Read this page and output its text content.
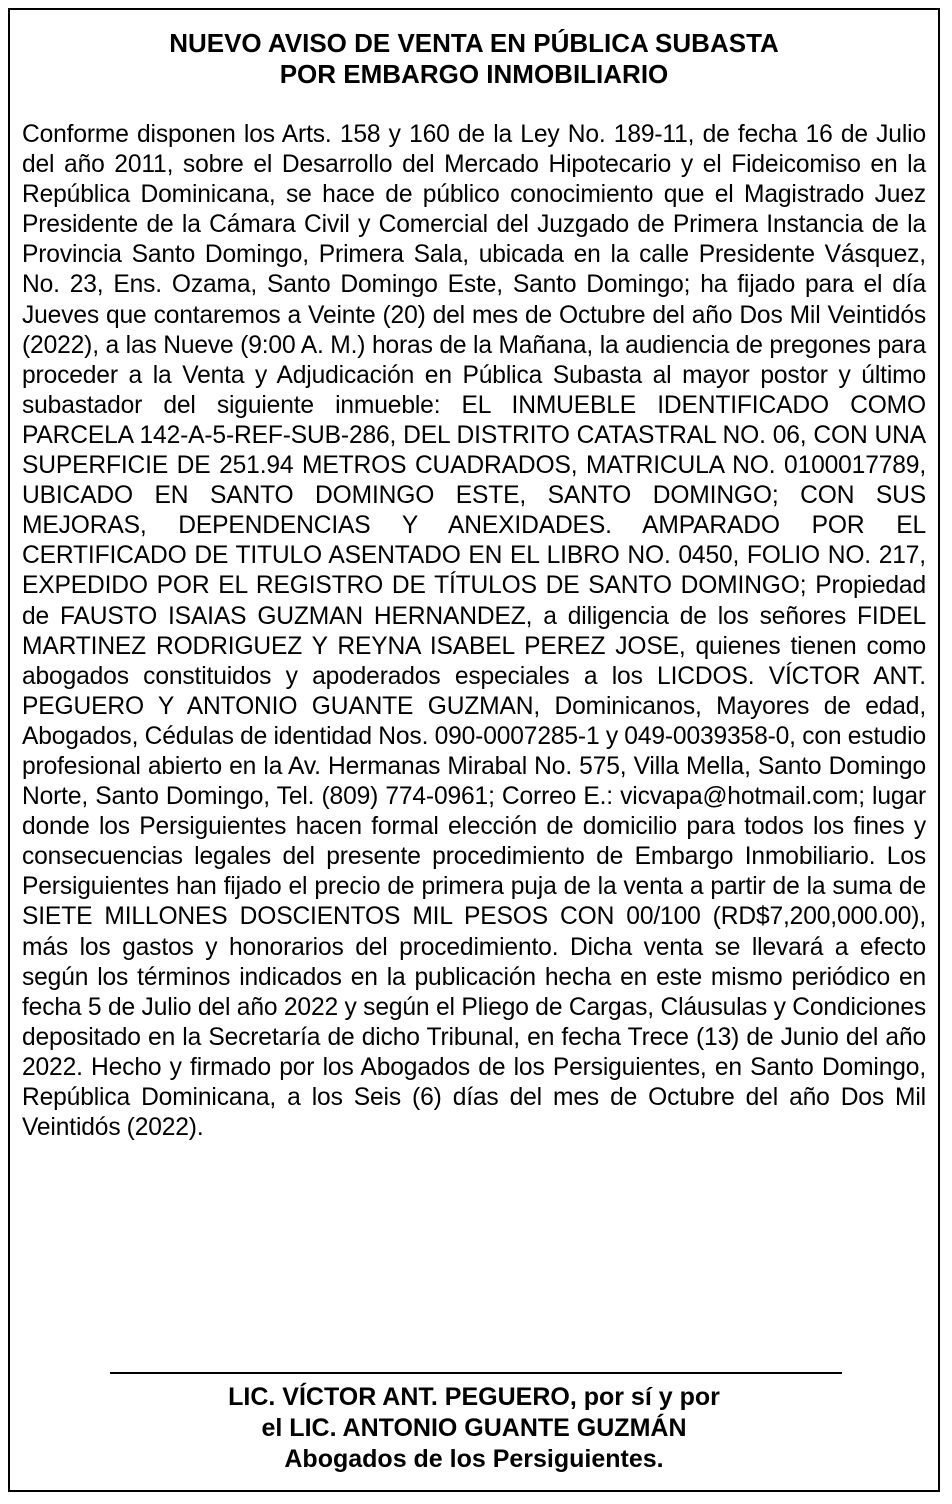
NUEVO AVISO DE VENTA EN PÚBLICA SUBASTA
POR EMBARGO INMOBILIARIO
Conforme disponen los Arts. 158 y 160 de la Ley No. 189-11, de fecha 16 de Julio del año 2011, sobre el Desarrollo del Mercado Hipotecario y el Fideicomiso en la República Dominicana, se hace de público conocimiento que el Magistrado Juez Presidente de la Cámara Civil y Comercial del Juzgado de Primera Instancia de la Provincia Santo Domingo, Primera Sala, ubicada en la calle Presidente Vásquez, No. 23, Ens. Ozama, Santo Domingo Este, Santo Domingo; ha fijado para el día Jueves que contaremos a Veinte (20) del mes de Octubre del año Dos Mil Veintidós (2022), a las Nueve (9:00 A. M.) horas de la Mañana, la audiencia de pregones para proceder a la Venta y Adjudicación en Pública Subasta al mayor postor y último subastador del siguiente inmueble: EL INMUEBLE IDENTIFICADO COMO PARCELA 142-A-5-REF-SUB-286, DEL DISTRITO CATASTRAL NO. 06, CON UNA SUPERFICIE DE 251.94 METROS CUADRADOS, MATRICULA NO. 0100017789, UBICADO EN SANTO DOMINGO ESTE, SANTO DOMINGO; CON SUS MEJORAS, DEPENDENCIAS Y ANEXIDADES. AMPARADO POR EL CERTIFICADO DE TITULO ASENTADO EN EL LIBRO NO. 0450, FOLIO NO. 217, EXPEDIDO POR EL REGISTRO DE TÍTULOS DE SANTO DOMINGO; Propiedad de FAUSTO ISAIAS GUZMAN HERNANDEZ, a diligencia de los señores FIDEL MARTINEZ RODRIGUEZ Y REYNA ISABEL PEREZ JOSE, quienes tienen como abogados constituidos y apoderados especiales a los LICDOS. VÍCTOR ANT. PEGUERO Y ANTONIO GUANTE GUZMAN, Dominicanos, Mayores de edad, Abogados, Cédulas de identidad Nos. 090-0007285-1 y 049-0039358-0, con estudio profesional abierto en la Av. Hermanas Mirabal No. 575, Villa Mella, Santo Domingo Norte, Santo Domingo, Tel. (809) 774-0961; Correo E.: vicvapa@hotmail.com; lugar donde los Persiguientes hacen formal elección de domicilio para todos los fines y consecuencias legales del presente procedimiento de Embargo Inmobiliario. Los Persiguientes han fijado el precio de primera puja de la venta a partir de la suma de SIETE MILLONES DOSCIENTOS MIL PESOS CON 00/100 (RD$7,200,000.00), más los gastos y honorarios del procedimiento. Dicha venta se llevará a efecto según los términos indicados en la publicación hecha en este mismo periódico en fecha 5 de Julio del año 2022 y según el Pliego de Cargas, Cláusulas y Condiciones depositado en la Secretaría de dicho Tribunal, en fecha Trece (13) de Junio del año 2022. Hecho y firmado por los Abogados de los Persiguientes, en Santo Domingo, República Dominicana, a los Seis (6) días del mes de Octubre del año Dos Mil Veintidós (2022).
LIC. VÍCTOR ANT. PEGUERO, por sí y por
el LIC. ANTONIO GUANTE GUZMÁN
Abogados de los Persiguientes.
